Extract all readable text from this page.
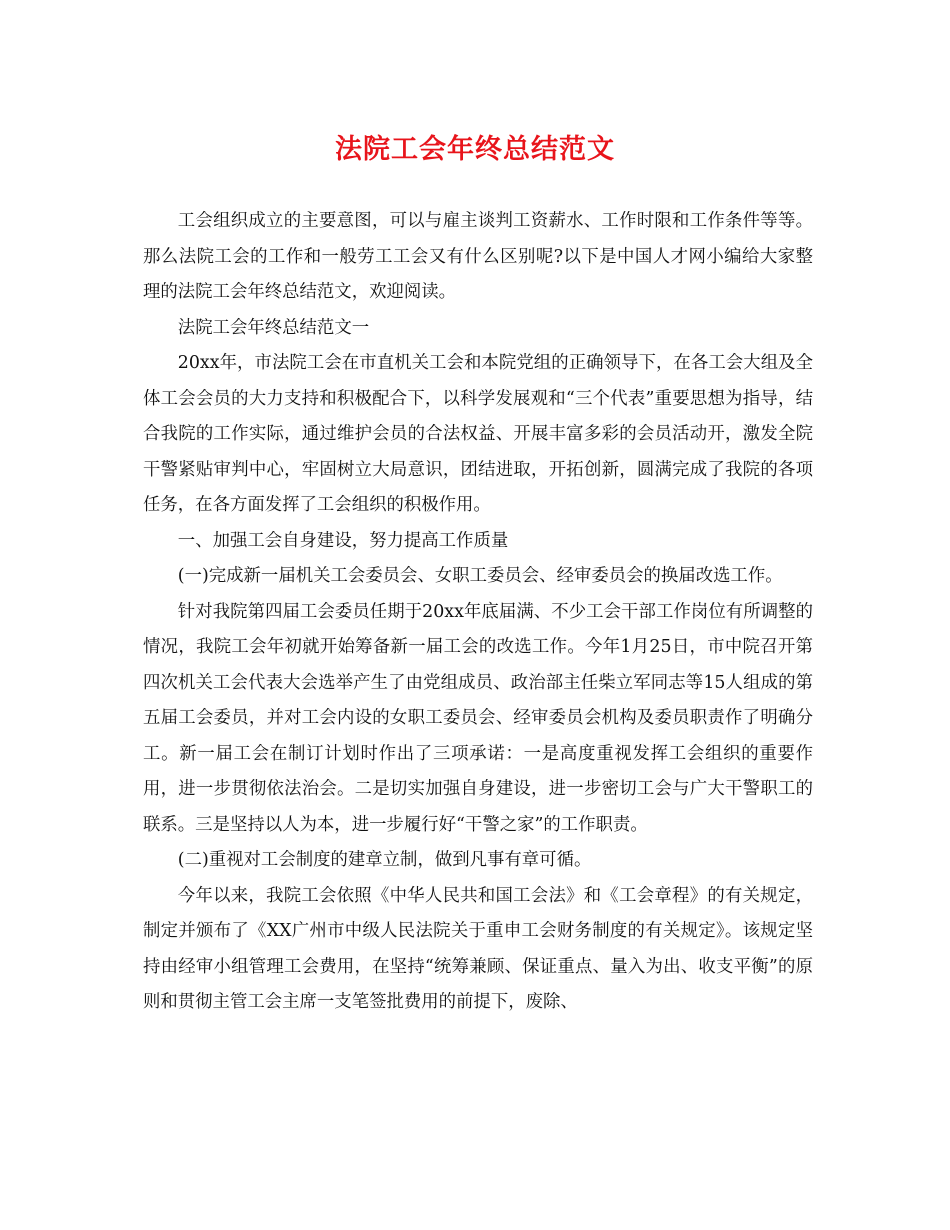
法院工会年终总结范文

工会组织成立的主要意图，可以与雇主谈判工资薪水、工作时限和工作条件等等。那么法院工会的工作和一般劳工工会又有什么区别呢?以下是中国人才网小编给大家整理的法院工会年终总结范文，欢迎阅读。

法院工会年终总结范文一

20xx年，市法院工会在市直机关工会和本院党组的正确领导下，在各工会大组及全体工会会员的大力支持和积极配合下，以科学发展观和“三个代表”重要思想为指导，结合我院的工作实际，通过维护会员的合法权益、开展丰富多彩的会员活动开，激发全院干警紧贴审判中心，牢固树立大局意识，团结进取，开拓创新，圆满完成了我院的各项任务，在各方面发挥了工会组织的积极作用。

一、加强工会自身建设，努力提高工作质量

(一)完成新一届机关工会委员会、女职工委员会、经审委员会的换届改选工作。

针对我院第四届工会委员任期于20xx年底届满、不少工会干部工作岗位有所调整的情况，我院工会年初就开始筹备新一届工会的改选工作。今年1月25日，市中院召开第四次机关工会代表大会选举产生了由党组成员、政治部主任柴立军同志等15人组成的第五届工会委员，并对工会内设的女职工委员会、经审委员会机构及委员职责作了明确分工。新一届工会在制订计划时作出了三项承诺：一是高度重视发挥工会组织的重要作用，进一步贯彻依法治会。二是切实加强自身建设，进一步密切工会与广大干警职工的联系。三是坚持以人为本，进一步履行好“干警之家”的工作职责。

(二)重视对工会制度的建章立制，做到凡事有章可循。

今年以来，我院工会依照《中华人民共和国工会法》和《工会章程》的有关规定，制定并颁布了《XX广州市中级人民法院关于重申工会财务制度的有关规定》。该规定坚持由经审小组管理工会费用，在坚持“统筹兼顾、保证重点、量入为出、收支平衡”的原则和贯彻主管工会主席一支笔签批费用的前提下，废除、
